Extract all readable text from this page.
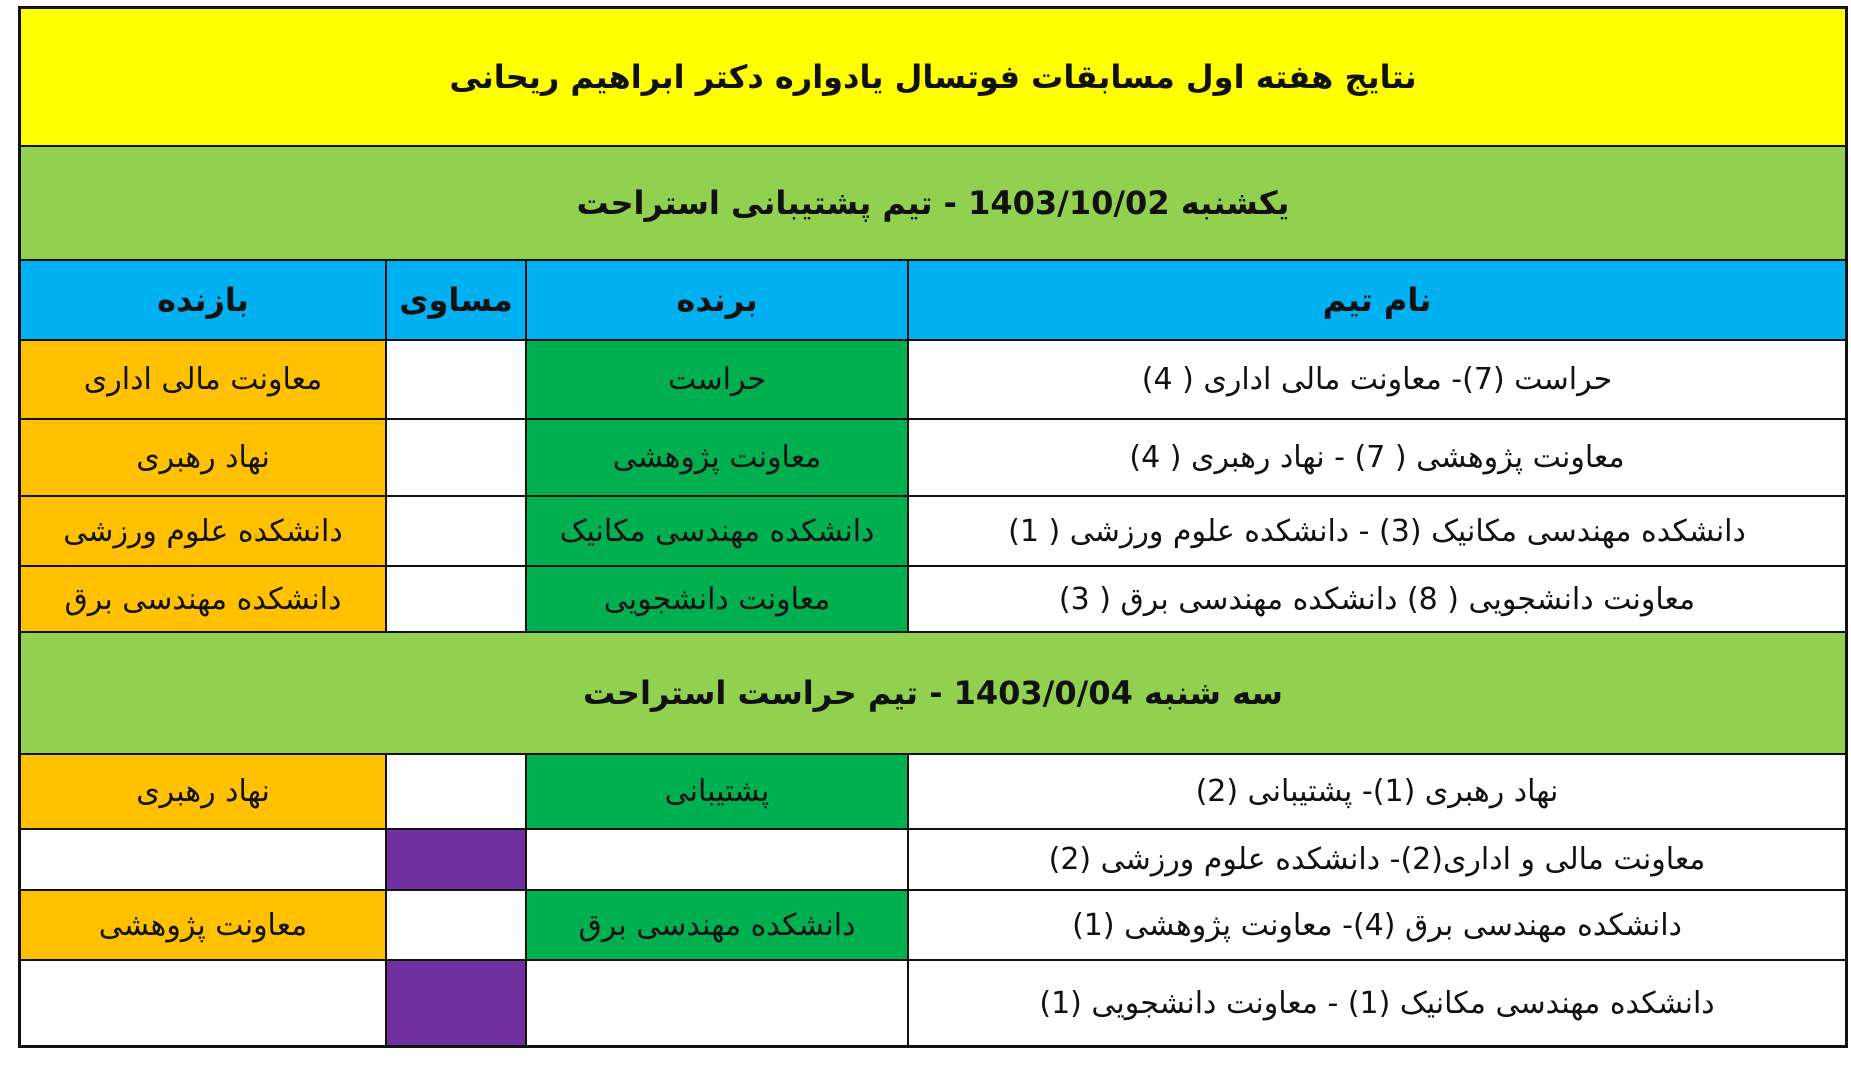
نتایج هفته اول مسابقات فوتسال یادواره دکتر ابراهیم ریحانی
یکشنبه 1403/10/02 - تیم پشتیبانی استراحت
نام تیم
برنده
مساوی
بازنده
حراست (7)- معاونت مالی اداری ( 4)
حراست
معاونت مالی اداری
معاونت پژوهشی ( 7) - نهاد رهبری ( 4)
معاونت پژوهشی
نهاد رهبری
دانشکده مهندسی مکانیک (3) - دانشکده علوم ورزشی ( 1)
دانشکده مهندسی مکانیک
دانشکده علوم ورزشی
معاونت دانشجویی ( 8) دانشکده مهندسی برق ( 3)
معاونت دانشجویی
دانشکده مهندسی برق
سه شنبه 1403/0/04 - تیم حراست استراحت
نهاد رهبری (1)- پشتیبانی (2)
پشتیبانی
نهاد رهبری
معاونت مالی و اداری(2)- دانشکده علوم ورزشی (2)
دانشکده مهندسی برق (4)- معاونت پژوهشی (1)
دانشکده مهندسی برق
معاونت پژوهشی
دانشکده مهندسی مکانیک (1) - معاونت دانشجویی (1)
